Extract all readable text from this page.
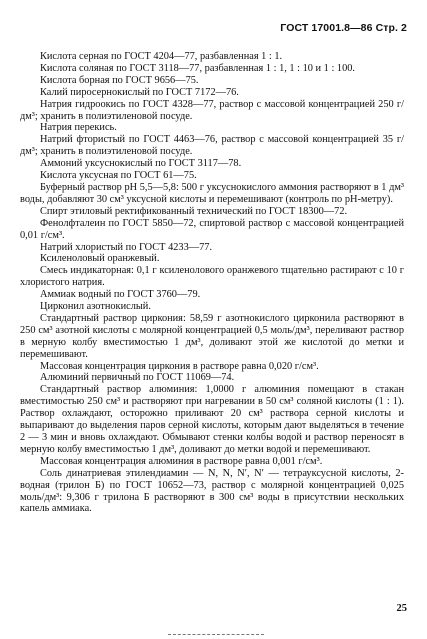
ГОСТ 17001.8—86 Стр. 2

Кислота серная по ГОСТ 4204—77, разбавленная 1 : 1.

Кислота соляная по ГОСТ 3118—77, разбавленная 1 : 1, 1 : 10 и 1 : 100.

Кислота борная по ГОСТ 9656—75.

Калий пиросернокислый по ГОСТ 7172—76.

Натрия гидроокись по ГОСТ 4328—77, раствор с массовой концентрацией 250 г/дм³; хранить в полиэтиленовой посуде.

Натрия перекись.

Натрий фтористый по ГОСТ 4463—76, раствор с массовой концентрацией 35 г/дм³; хранить в полиэтиленовой посуде.

Аммоний уксуснокислый по ГОСТ 3117—78.

Кислота уксусная по ГОСТ 61—75.

Буферный раствор pH 5,5—5,8: 500 г уксуснокислого аммония растворяют в 1 дм³ воды, добавляют 30 см³ уксусной кислоты и перемешивают (контроль по pH-метру).

Спирт этиловый ректификованный технический по ГОСТ 18300—72.

Фенолфталеин по ГОСТ 5850—72, спиртовой раствор с массовой концентрацией 0,01 г/см³.

Натрий хлористый по ГОСТ 4233—77.

Ксиленоловый оранжевый.

Смесь индикаторная: 0,1 г ксиленолового оранжевого тщательно растирают с 10 г хлористого натрия.

Аммиак водный по ГОСТ 3760—79.

Цирконил азотнокислый.

Стандартный раствор циркония: 58,59 г азотнокислого цирконила растворяют в 250 см³ азотной кислоты с молярной концентрацией 0,5 моль/дм³, переливают раствор в мерную колбу вместимостью 1 дм³, доливают этой же кислотой до метки и перемешивают.

Массовая концентрация циркония в растворе равна 0,020 г/см³.

Алюминий первичный по ГОСТ 11069—74.

Стандартный раствор алюминия: 1,0000 г алюминия помещают в стакан вместимостью 250 см³ и растворяют при нагревании в 50 см³ соляной кислоты (1 : 1). Раствор охлаждают, осторожно приливают 20 см³ раствора серной кислоты и выпаривают до выделения паров серной кислоты, которым дают выделяться в течение 2 — 3 мин и вновь охлаждают. Обмывают стенки колбы водой и раствор переносят в мерную колбу вместимостью 1 дм³, доливают до метки водой и перемешивают.

Массовая концентрация алюминия в растворе равна 0,001 г/см³.

Соль динатриевая этилендиамин — N, N, N′, N′ — тетрауксусной кислоты, 2-водная (трилон Б) по ГОСТ 10652—73, раствор с молярной концентрацией 0,025 моль/дм³: 9,306 г трилона Б растворяют в 300 см³ воды в присутствии нескольких капель аммиака.

25
